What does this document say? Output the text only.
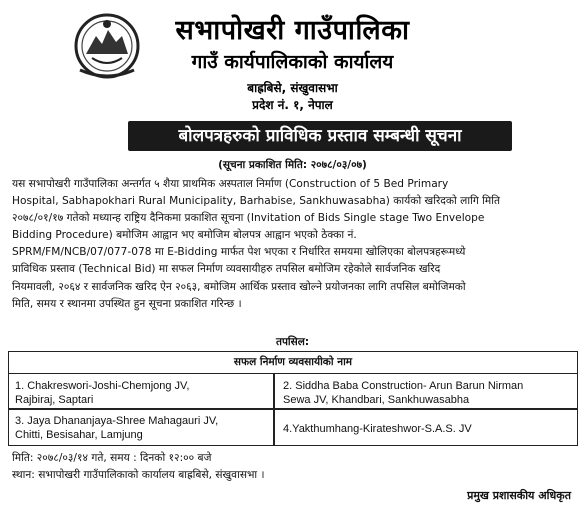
सभापोखरी गाउँपालिका
गाउँ कार्यपालिकाको कार्यालय
बाह्रबिसे, संखुवासभा
प्रदेश नं. १, नेपाल
बोलपत्रहरुको प्राविधिक प्रस्ताव सम्बन्धी सूचना
(सूचना प्रकाशित मिति: २०७८/०३/०७)
यस सभापोखरी गाउँपालिका अन्तर्गत ५ शैया प्राथमिक अस्पताल निर्माण (Construction of 5 Bed Primary
Hospital, Sabhapokhari Rural Municipality, Barhabise, Sankhuwasabha) कार्यको खरिदको लागि मिति
२०७८/०१/१७ गतेको मध्यान्ह राष्ट्रिय दैनिकमा प्रकाशित सूचना (Invitation of Bids Single stage Two Envelope
Bidding Procedure) बमोजिम आह्वान भए बमोजिम बोलपत्र आह्वान भएको ठेक्का नं.
SPRM/FM/NCB/07/077-078 मा E-Bidding मार्फत पेश भएका र निर्धारित समयमा खोलिएका बोलपत्रहरूमध्ये
प्राविधिक प्रस्ताव (Technical Bid) मा सफल निर्माण व्यवसायीहरु तपसिल बमोजिम रहेकोले सार्वजनिक खरिद
नियमावली, २०६४ र सार्वजनिक खरिद ऐन २०६३, बमोजिम आर्थिक प्रस्ताव खोल्ने प्रयोजनका लागि तपसिल बमोजिमको
मिति, समय र स्थानमा उपस्थित हुन सूचना प्रकाशित गरिन्छ ।
तपसिल:
सफल निर्माण व्यवसायीको नाम
1. Chakreswori-Joshi-Chemjong JV,
Rajbiraj, Saptari
2. Siddha Baba Construction- Arun Barun Nirman
Sewa JV, Khandbari, Sankhuwasabha
3. Jaya Dhananjaya-Shree Mahagauri JV,
Chitti, Besisahar, Lamjung	4.Yakthumhang-Kirateshwor-S.A.S. JV
मिति: २०७८/०३/१४ गते, समय : दिनको १२:०० बजे
स्थान: सभापोखरी गाउँपालिकाको कार्यालय बाह्रबिसे, संखुवासभा ।
प्रमुख प्रशासकीय अधिकृत
